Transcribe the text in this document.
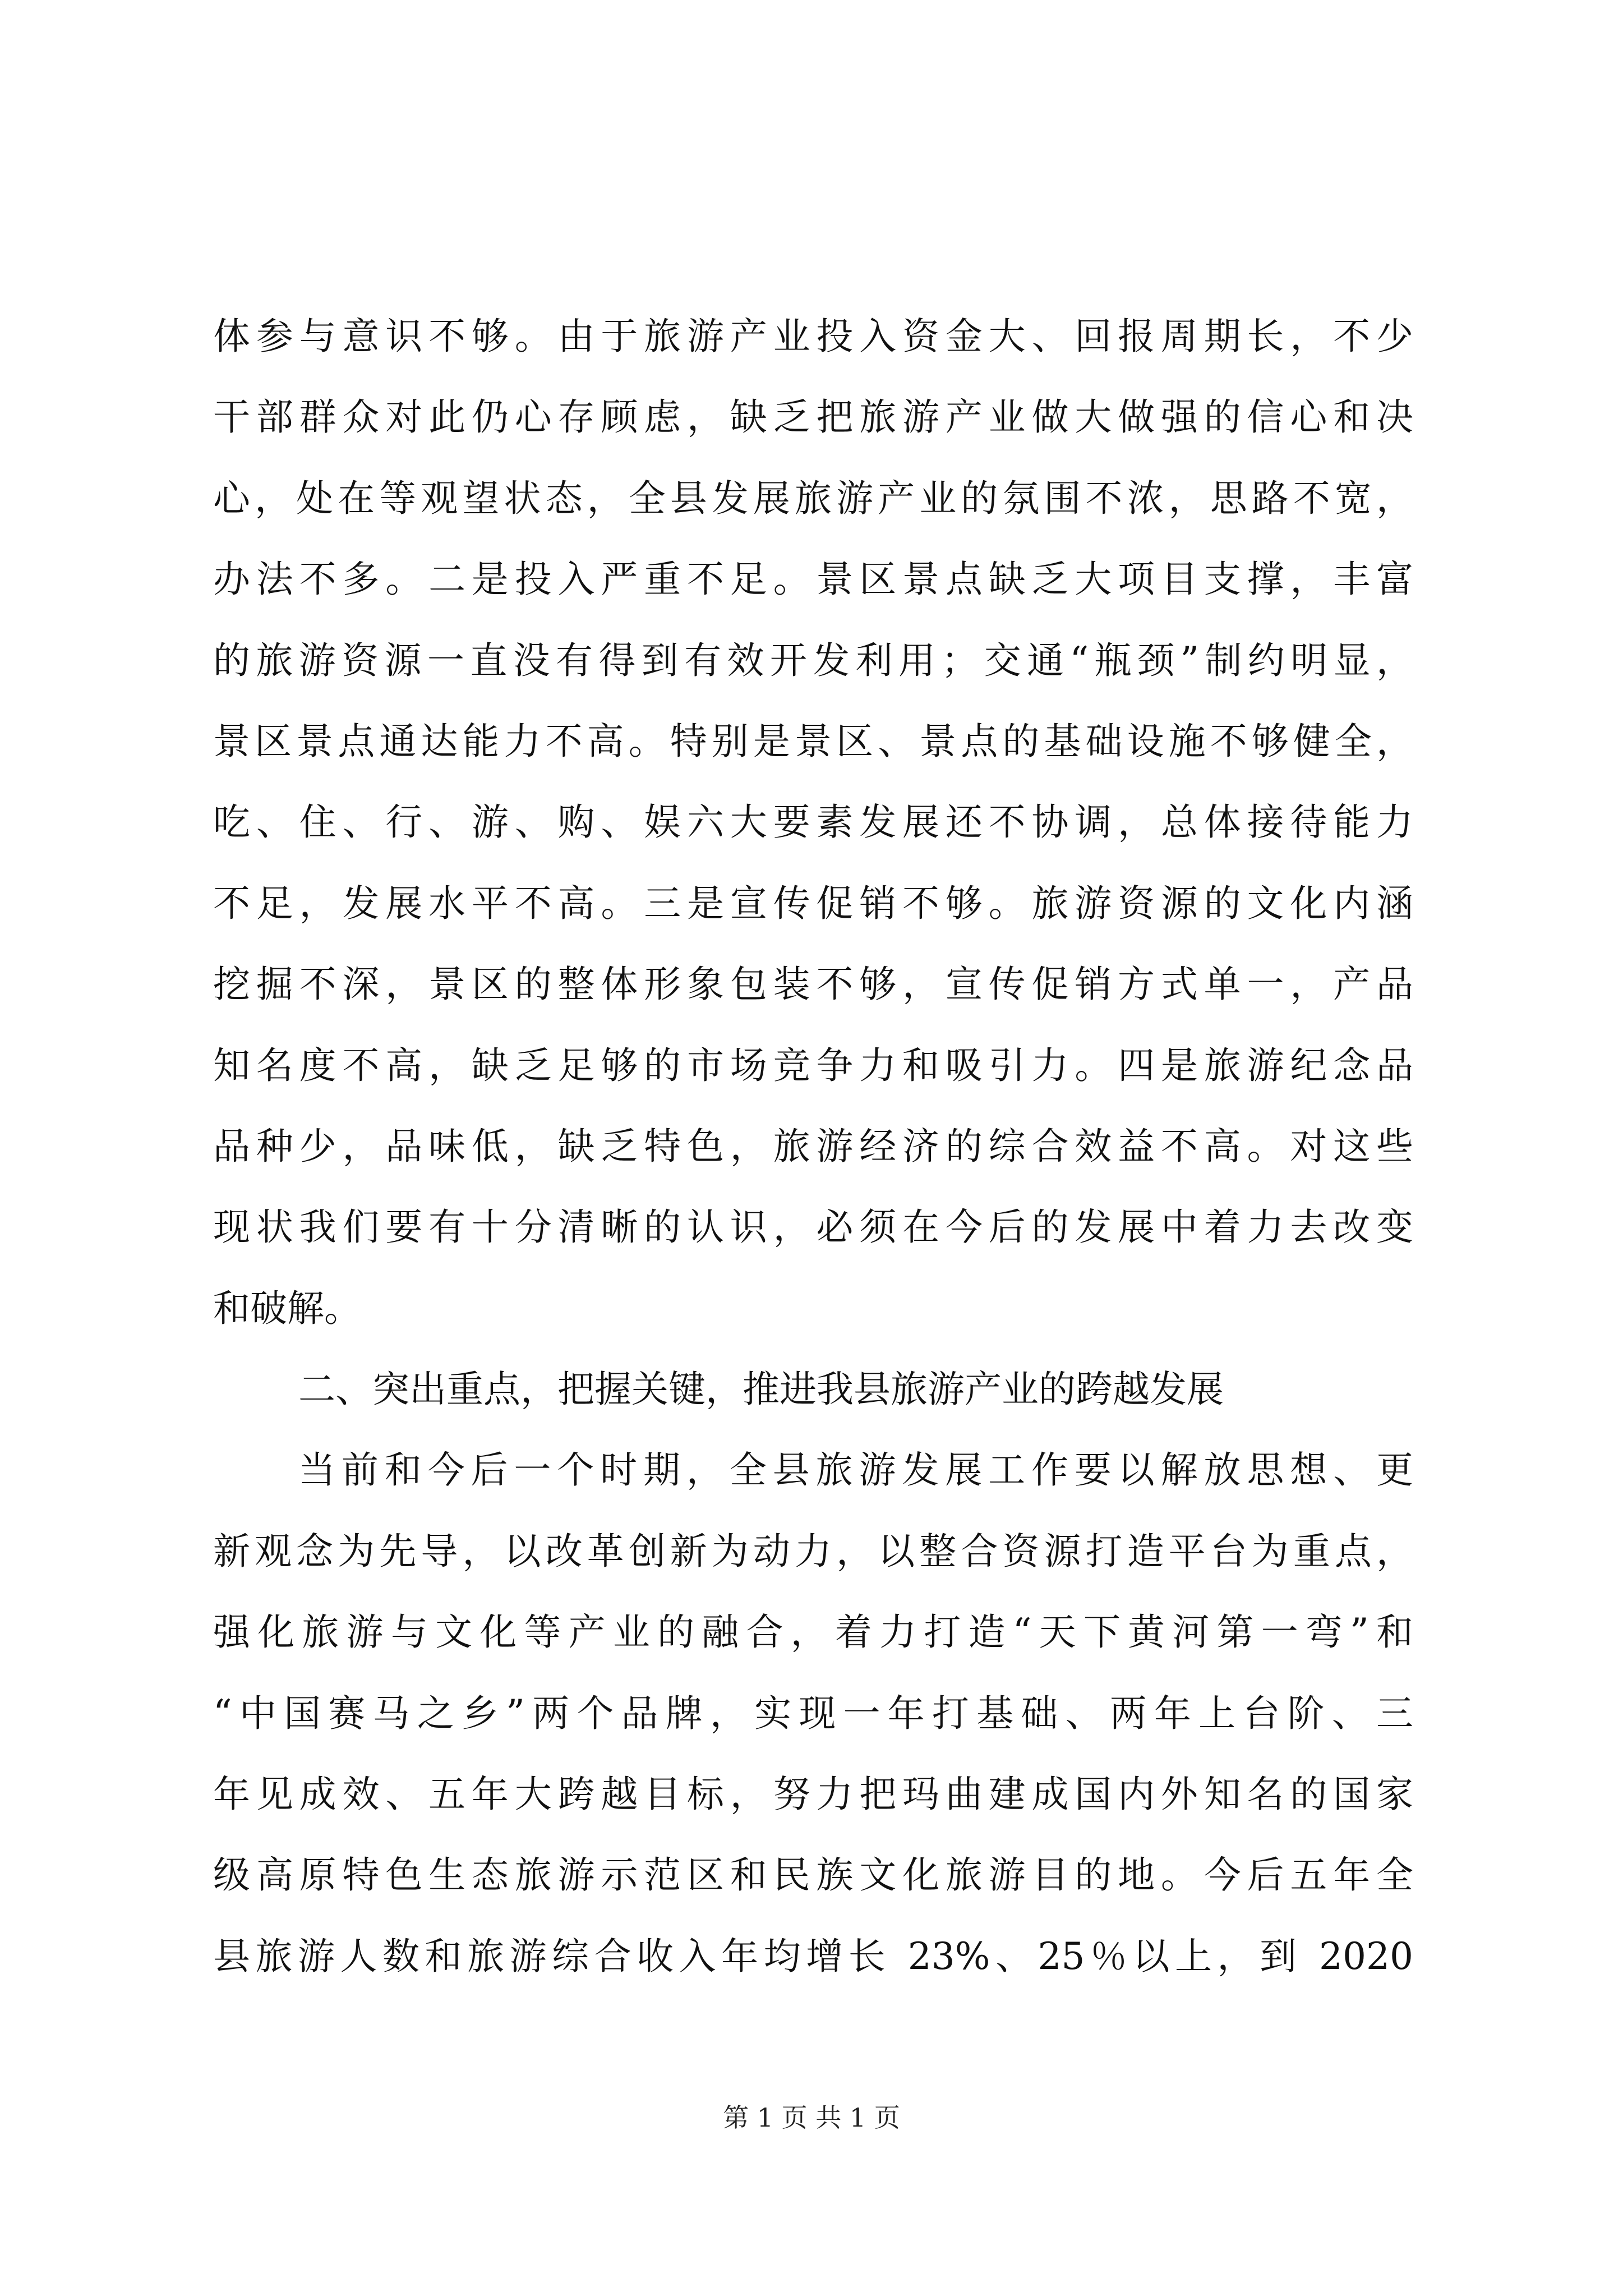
体参与意识不够。由于旅游产业投入资金大、回报周期长，不少
干部群众对此仍心存顾虑，缺乏把旅游产业做大做强的信心和决
心，处在等观望状态，全县发展旅游产业的氛围不浓，思路不宽，
办法不多。二是投入严重不足。景区景点缺乏大项目支撑，丰富
的旅游资源一直没有得到有效开发利用；交通“瓶颈”制约明显，
景区景点通达能力不高。特别是景区、景点的基础设施不够健全，
吃、住、行、游、购、娱六大要素发展还不协调，总体接待能力
不足，发展水平不高。三是宣传促销不够。旅游资源的文化内涵
挖掘不深，景区的整体形象包装不够，宣传促销方式单一，产品
知名度不高，缺乏足够的市场竞争力和吸引力。四是旅游纪念品
品种少，品味低，缺乏特色，旅游经济的综合效益不高。对这些
现状我们要有十分清晰的认识，必须在今后的发展中着力去改变
和破解。
二、突出重点，把握关键，推进我县旅游产业的跨越发展
当前和今后一个时期，全县旅游发展工作要以解放思想、更
新观念为先导，以改革创新为动力，以整合资源打造平台为重点，
强化旅游与文化等产业的融合，着力打造“天下黄河第一弯”和
“中国赛马之乡”两个品牌，实现一年打基础、两年上台阶、三
年见成效、五年大跨越目标，努力把玛曲建成国内外知名的国家
级高原特色生态旅游示范区和民族文化旅游目的地。今后五年全
县旅游人数和旅游综合收入年均增长 23%、25％以上，到 2020
第 1 页 共 1 页
